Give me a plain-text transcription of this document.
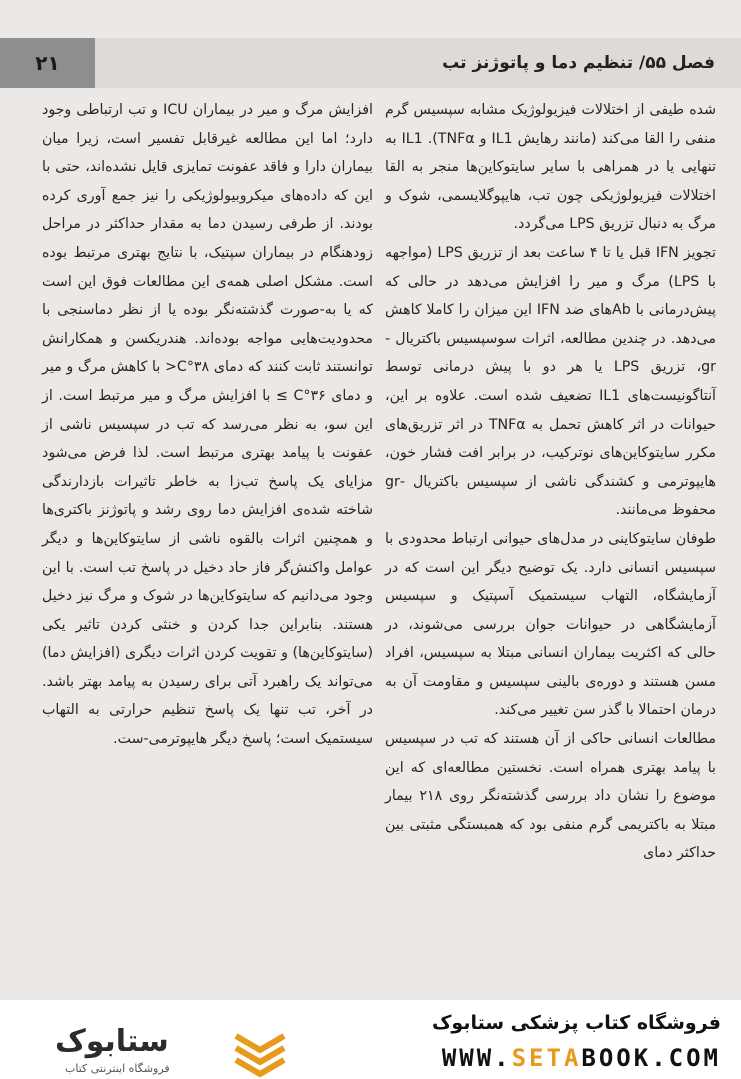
۲۱	فصل ۵۵/ تنظیم دما و پاتوژنز تب

شده طیفی از اختلالات فیزیولوژیک مشابه سپسیس گرم منفی را القا می‌کند (مانند رهایش IL1 و TNFα). IL1 به تنهایی یا در همراهی با سایر سایتوکاین‌ها منجر به القا اختلالات فیزیولوژیکی چون تب، هایپوگلایسمی، شوک و مرگ به دنبال تزریق LPS می‌گردد.

تجویز IFN قبل یا تا ۴ ساعت بعد از تزریق LPS (مواجهه با LPS) مرگ و میر را افزایش می‌دهد در حالی که پیش‌درمانی با Abهای ضد IFN این میزان را کاملا کاهش می‌دهد. در چندین مطالعه، اثرات سوسپسیس باکتریال -gr، تزریق LPS یا هر دو با پیش درمانی توسط آنتاگونیست‌های IL1 تضعیف شده است. علاوه بر این، حیوانات در اثر کاهش تحمل به TNFα در اثر تزریق‌های مکرر سایتوکاین‌های نوترکیب، در برابر افت فشار خون، هایپوترمی و کشندگی ناشی از سپسیس باکتریال -gr محفوظ می‌مانند.

طوفان سایتوکاینی در مدل‌های حیوانی ارتباط محدودی با سپسیس انسانی دارد. یک توضیح دیگر این است که در آزمایشگاه، التهاب سیستمیک آسپتیک و سپسیس آزمایشگاهی در حیوانات جوان بررسی می‌شوند، در حالی که اکثریت بیماران انسانی مبتلا به سپسیس، افراد مسن هستند و دوره‌ی بالینی سپسیس و مقاومت آن به درمان احتمالا با گذر سن تغییر می‌کند.

مطالعات انسانی حاکی از آن هستند که تب در سپسیس با پیامد بهتری همراه است. نخستین مطالعه‌ای که این موضوع را نشان داد بررسی گذشته‌نگر روی ۲۱۸ بیمار مبتلا به باکتریمی گرم منفی بود که همبستگی مثبتی بین حداکثر دمای

افزایش مرگ و میر در بیماران ICU و تب ارتباطی وجود دارد؛ اما این مطالعه غیرقابل تفسیر است، زیرا میان بیماران دارا و فاقد عفونت تمایزی قایل نشده‌اند، حتی با این که داده‌های میکروبیولوژیکی را نیز جمع آوری کرده بودند. از طرفی رسیدن دما به مقدار حداکثر در مراحل زودهنگام در بیماران سپتیک، با نتایج بهتری مرتبط بوده است. مشکل اصلی همه‌ی این مطالعات فوق این است که یا به‌-صورت گذشته‌نگر بوده یا از نظر دماسنجی با محدودیت‌هایی مواجه بوده‌اند. هندریکسن و همکارانش توانستند ثابت کنند که دمای ۳۸°C< با کاهش مرگ و میر و دمای ۳۶°C ≥ با افزایش مرگ و میر مرتبط است. از این سو، به نظر می‌رسد که تب در سپسیس ناشی از عفونت با پیامد بهتری مرتبط است. لذا فرض می‌شود مزایای یک پاسخ تب‌زا به خاطر تاثیرات بازدارندگی شاخته شده‌ی افزایش دما روی رشد و پاتوژنز باکتری‌ها و همچنین اثرات بالقوه ناشی از سایتوکاین‌ها و دیگر عوامل واکنش‌گر فاز حاد دخیل در پاسخ تب است. با این وجود می‌دانیم که سایتوکاین‌ها در شوک و مرگ نیز دخیل هستند. بنابراین جدا کردن و خنثی کردن تاثیر یکی (سایتوکاین‌ها) و تقویت کردن اثرات دیگری (افزایش دما) می‌تواند یک راهبرد آتی برای رسیدن به پیامد بهتر باشد. در آخر، تب تنها یک پاسخ تنظیم حرارتی به التهاب سیستمیک است؛ پاسخ دیگر هایپوترمی-ست.

ستابوک
فروشگاه اینترنتی کتاب
فروشگاه کتاب پزشکی ستابوک
WWW.SETABOOK.COM
